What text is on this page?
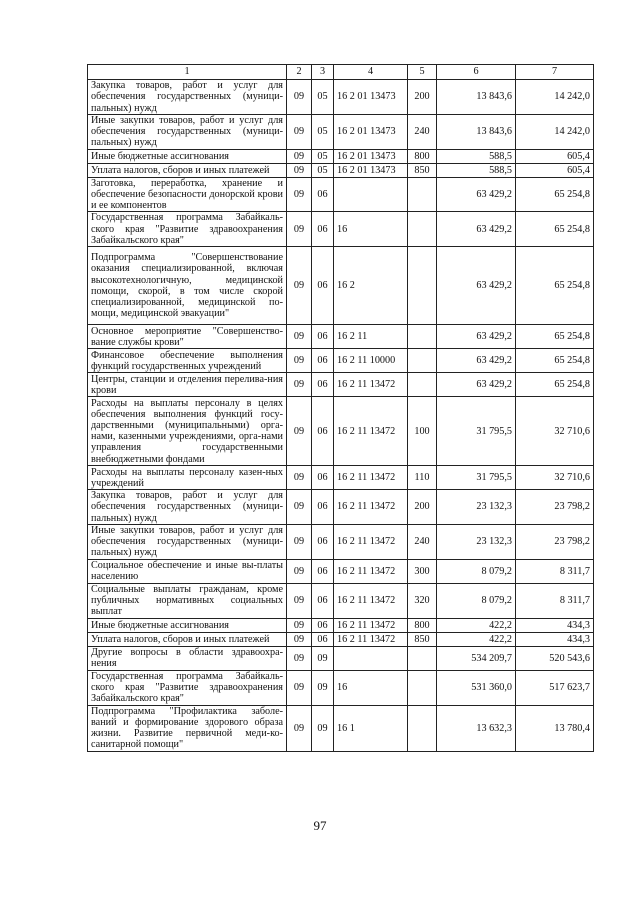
1	2	3	4	5	6	7
Закупка товаров, работ и услуг для обеспечения государственных (муници-пальных) нужд	09	05	16 2 01 13473	200	13 843,6	14 242,0
Иные закупки товаров, работ и услуг для обеспечения государственных (муници-пальных) нужд	09	05	16 2 01 13473	240	13 843,6	14 242,0
Иные бюджетные ассигнования	09	05	16 2 01 13473	800	588,5	605,4
Уплата налогов, сборов и иных платежей	09	05	16 2 01 13473	850	588,5	605,4
Заготовка, переработка, хранение и обеспечение безопасности донорской крови и ее компонентов	09	06			63 429,2	65 254,8
Государственная программа Забайкаль-ского края "Развитие здравоохранения Забайкальского края"	09	06	16		63 429,2	65 254,8
Подпрограмма "Совершенствование оказания специализированной, включая высокотехнологичную, медицинской помощи, скорой, в том числе скорой специализированной, медицинской по-мощи, медицинской эвакуации"	09	06	16 2		63 429,2	65 254,8
Основное мероприятие "Совершенство-вание службы крови"	09	06	16 2 11		63 429,2	65 254,8
Финансовое обеспечение выполнения функций государственных учреждений	09	06	16 2 11 10000		63 429,2	65 254,8
Центры, станции и отделения перелива-ния крови	09	06	16 2 11 13472		63 429,2	65 254,8
Расходы на выплаты персоналу в целях обеспечения выполнения функций госу-дарственными (муниципальными) орга-нами, казенными учреждениями, орга-нами управления государственными внебюджетными фондами	09	06	16 2 11 13472	100	31 795,5	32 710,6
Расходы на выплаты персоналу казен-ных учреждений	09	06	16 2 11 13472	110	31 795,5	32 710,6
Закупка товаров, работ и услуг для обеспечения государственных (муници-пальных) нужд	09	06	16 2 11 13472	200	23 132,3	23 798,2
Иные закупки товаров, работ и услуг для обеспечения государственных (муници-пальных) нужд	09	06	16 2 11 13472	240	23 132,3	23 798,2
Социальное обеспечение и иные вы-платы населению	09	06	16 2 11 13472	300	8 079,2	8 311,7
Социальные выплаты гражданам, кроме публичных нормативных социальных выплат	09	06	16 2 11 13472	320	8 079,2	8 311,7
Иные бюджетные ассигнования	09	06	16 2 11 13472	800	422,2	434,3
Уплата налогов, сборов и иных платежей	09	06	16 2 11 13472	850	422,2	434,3
Другие вопросы в области здравоохра-нения	09	09			534 209,7	520 543,6
Государственная программа Забайкаль-ского края "Развитие здравоохранения Забайкальского края"	09	09	16		531 360,0	517 623,7
Подпрограмма "Профилактика заболе-ваний и формирование здорового образа жизни. Развитие первичной меди-ко-санитарной помощи"	09	09	16 1		13 632,3	13 780,4
97
